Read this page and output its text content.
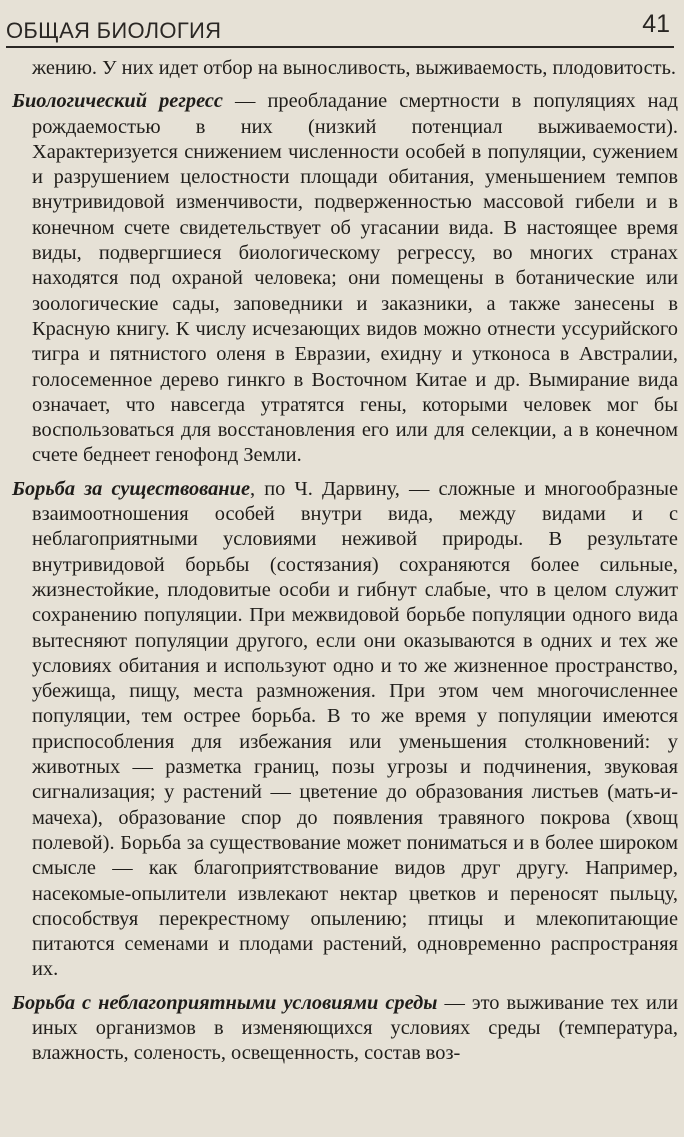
ОБЩАЯ БИОЛОГИЯ	41

жению. У них идет отбор на выносливость, выживаемость, плодовитость.

Биологический регресс — преобладание смертности в популяциях над рождаемостью в них (низкий потенциал выживаемости). Характеризуется снижением численности особей в популяции, сужением и разрушением целостности площади обитания, уменьшением темпов внутривидовой изменчивости, подверженностью массовой гибели и в конечном счете свидетельствует об угасании вида. В настоящее время виды, подвергшиеся биологическому регрессу, во многих странах находятся под охраной человека; они помещены в ботанические или зоологические сады, заповедники и заказники, а также занесены в Красную книгу. К числу исчезающих видов можно отнести уссурийского тигра и пятнистого оленя в Евразии, ехидну и утконоса в Австралии, голосеменное дерево гинкго в Восточном Китае и др. Вымирание вида означает, что навсегда утратятся гены, которыми человек мог бы воспользоваться для восстановления его или для селекции, а в конечном счете беднеет генофонд Земли.

Борьба за существование, по Ч. Дарвину, — сложные и многообразные взаимоотношения особей внутри вида, между видами и с неблагоприятными условиями неживой природы. В результате внутривидовой борьбы (состязания) сохраняются более сильные, жизнестойкие, плодовитые особи и гибнут слабые, что в целом служит сохранению популяции. При межвидовой борьбе популяции одного вида вытесняют популяции другого, если они оказываются в одних и тех же условиях обитания и используют одно и то же жизненное пространство, убежища, пищу, места размножения. При этом чем многочисленнее популяции, тем острее борьба. В то же время у популяции имеются приспособления для избежания или уменьшения столкновений: у животных — разметка границ, позы угрозы и подчинения, звуковая сигнализация; у растений — цветение до образования листьев (мать-и-мачеха), образование спор до появления травяного покрова (хвощ полевой). Борьба за существование может пониматься и в более широком смысле — как благоприятствование видов друг другу. Например, насекомые-опылители извлекают нектар цветков и переносят пыльцу, способствуя перекрестному опылению; птицы и млекопитающие питаются семенами и плодами растений, одновременно распространяя их.

Борьба с неблагоприятными условиями среды — это выживание тех или иных организмов в изменяющихся условиях среды (температура, влажность, соленость, освещенность, состав воз-
